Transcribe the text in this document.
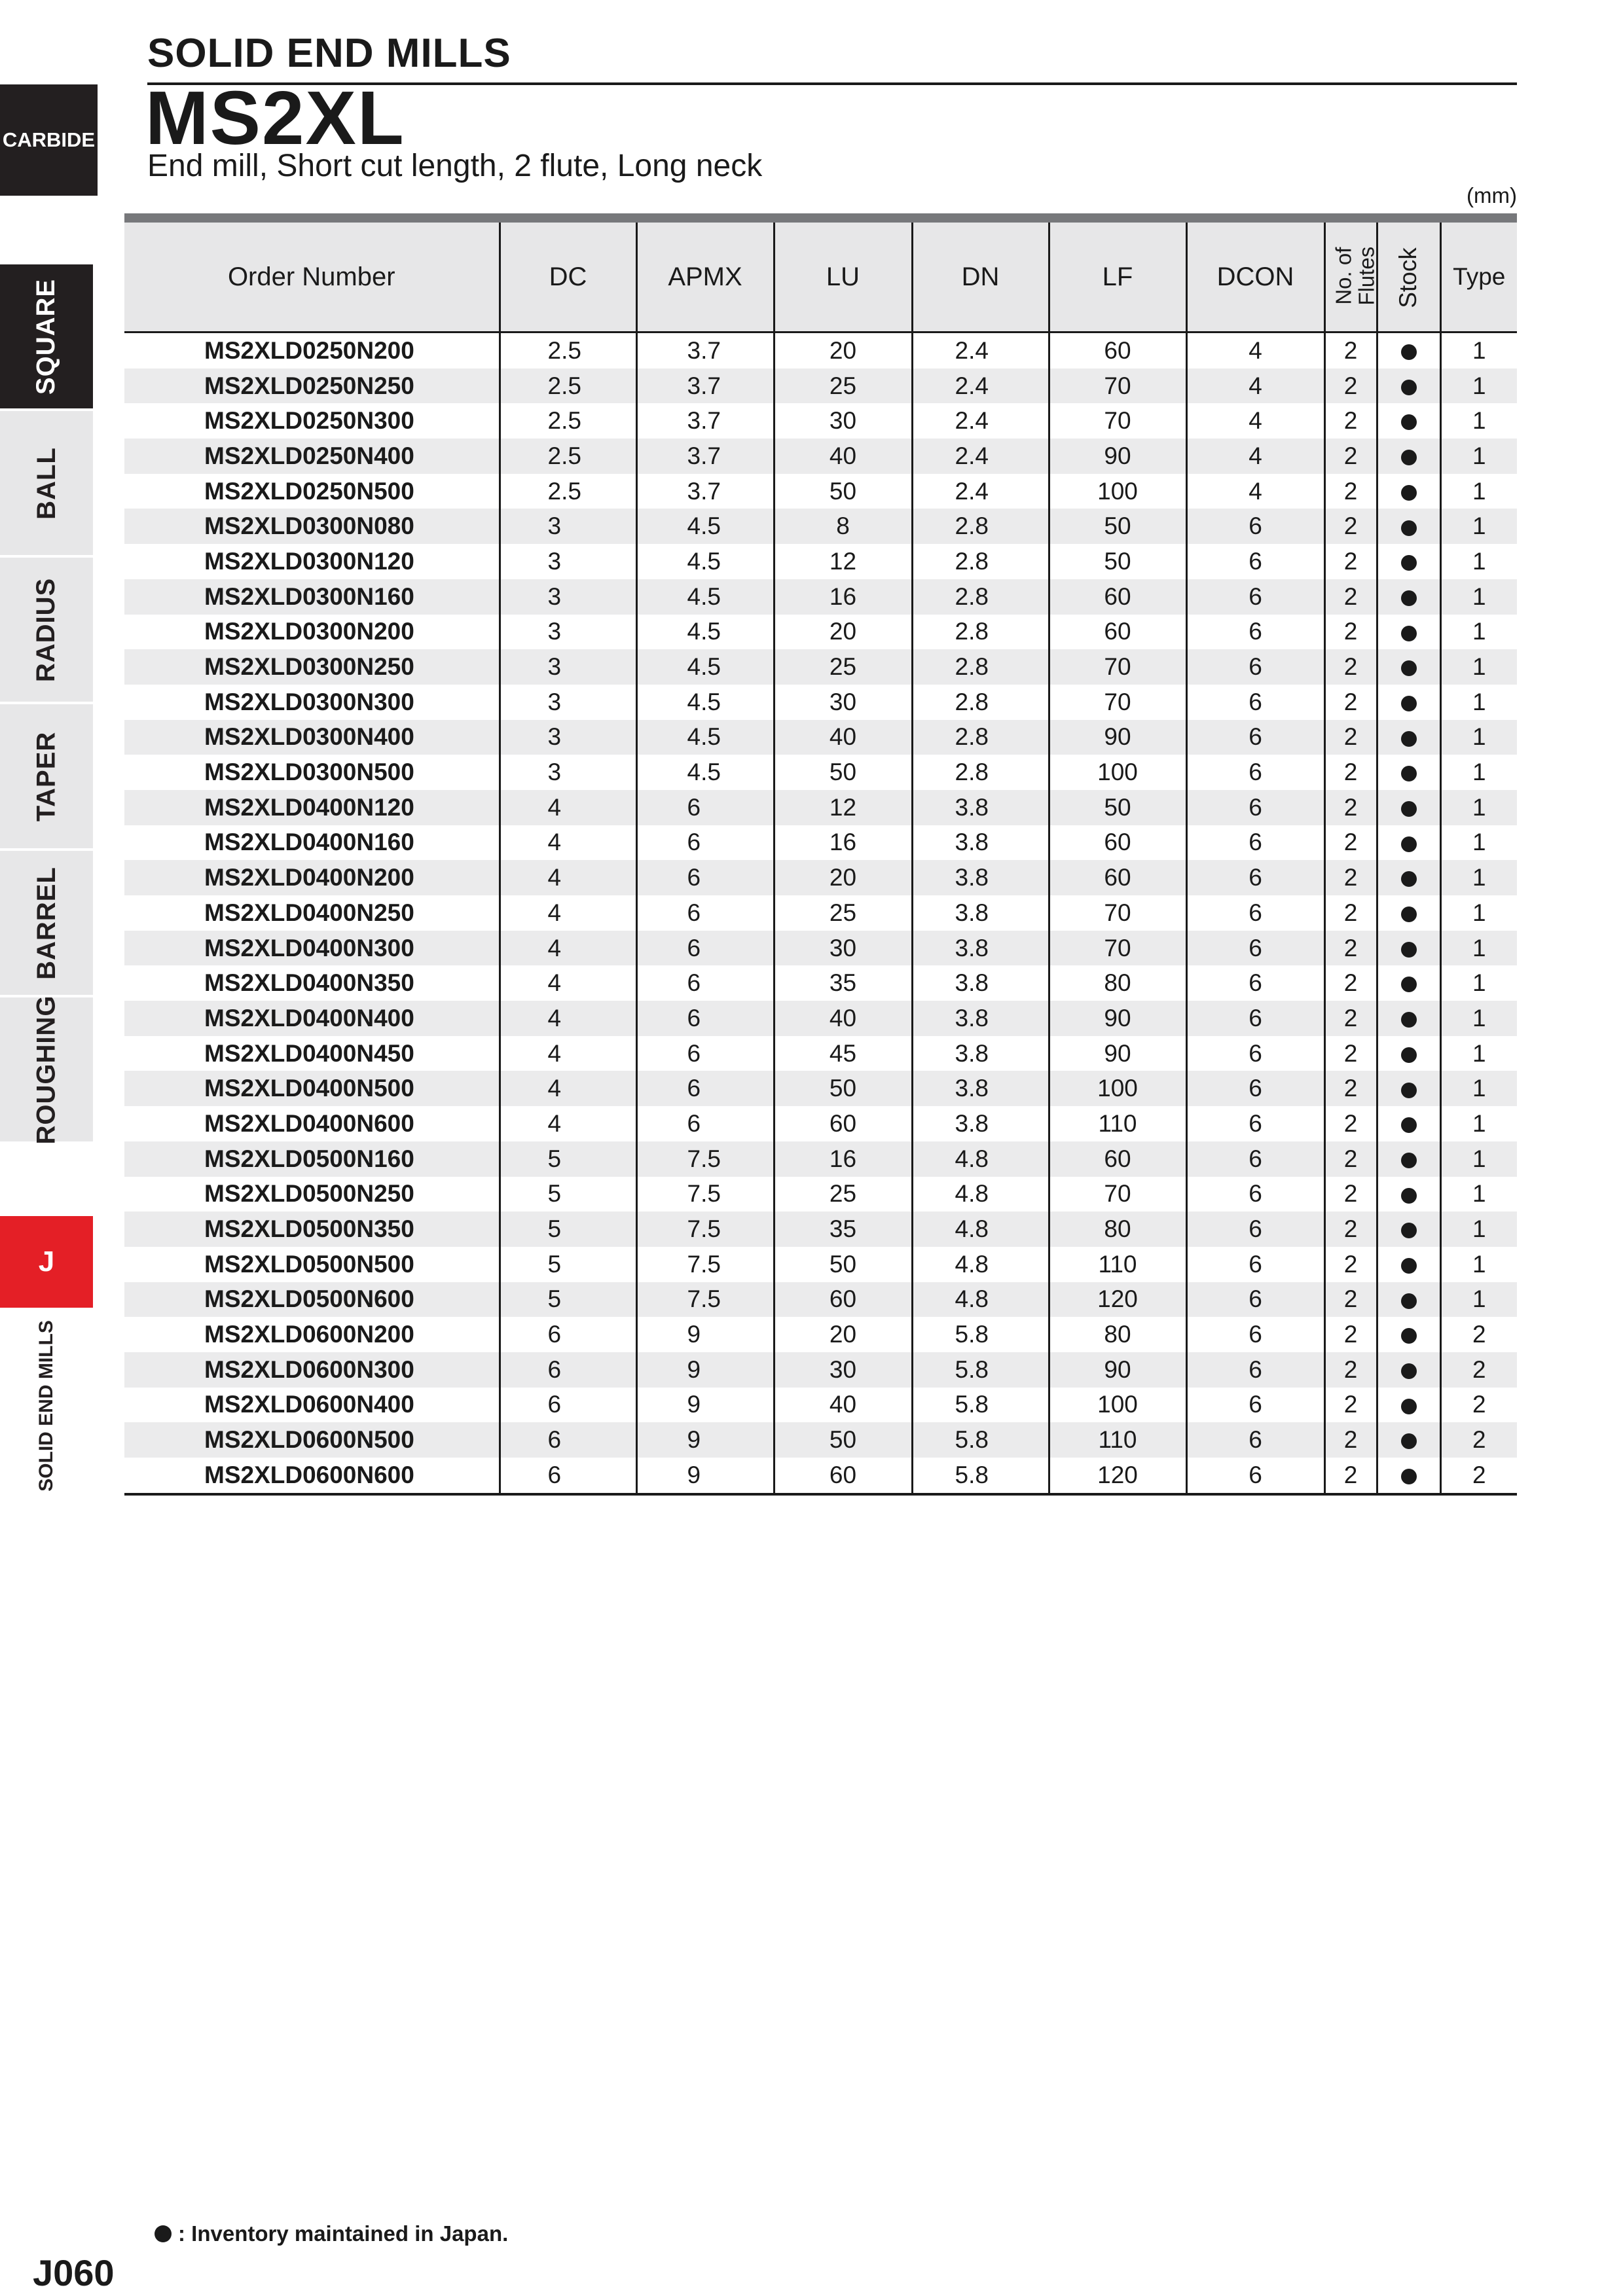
SOLID END MILLS
MS2XL
End mill, Short cut length, 2 flute, Long neck
(mm)
CARBIDE
SQUARE
BALL
RADIUS
TAPER
BARREL
ROUGHING
J
SOLID END MILLS
Order Number	DC	APMX	LU	DN	LF	DCON	No. of
Flutes	Stock	Type
MS2XLD0250N200	2.5	3.7	20	2.4	60	4	2		1
MS2XLD0250N250	2.5	3.7	25	2.4	70	4	2		1
MS2XLD0250N300	2.5	3.7	30	2.4	70	4	2		1
MS2XLD0250N400	2.5	3.7	40	2.4	90	4	2		1
MS2XLD0250N500	2.5	3.7	50	2.4	100	4	2		1
MS2XLD0300N080	3	4.5	8	2.8	50	6	2		1
MS2XLD0300N120	3	4.5	12	2.8	50	6	2		1
MS2XLD0300N160	3	4.5	16	2.8	60	6	2		1
MS2XLD0300N200	3	4.5	20	2.8	60	6	2		1
MS2XLD0300N250	3	4.5	25	2.8	70	6	2		1
MS2XLD0300N300	3	4.5	30	2.8	70	6	2		1
MS2XLD0300N400	3	4.5	40	2.8	90	6	2		1
MS2XLD0300N500	3	4.5	50	2.8	100	6	2		1
MS2XLD0400N120	4	6	12	3.8	50	6	2		1
MS2XLD0400N160	4	6	16	3.8	60	6	2		1
MS2XLD0400N200	4	6	20	3.8	60	6	2		1
MS2XLD0400N250	4	6	25	3.8	70	6	2		1
MS2XLD0400N300	4	6	30	3.8	70	6	2		1
MS2XLD0400N350	4	6	35	3.8	80	6	2		1
MS2XLD0400N400	4	6	40	3.8	90	6	2		1
MS2XLD0400N450	4	6	45	3.8	90	6	2		1
MS2XLD0400N500	4	6	50	3.8	100	6	2		1
MS2XLD0400N600	4	6	60	3.8	110	6	2		1
MS2XLD0500N160	5	7.5	16	4.8	60	6	2		1
MS2XLD0500N250	5	7.5	25	4.8	70	6	2		1
MS2XLD0500N350	5	7.5	35	4.8	80	6	2		1
MS2XLD0500N500	5	7.5	50	4.8	110	6	2		1
MS2XLD0500N600	5	7.5	60	4.8	120	6	2		1
MS2XLD0600N200	6	9	20	5.8	80	6	2		2
MS2XLD0600N300	6	9	30	5.8	90	6	2		2
MS2XLD0600N400	6	9	40	5.8	100	6	2		2
MS2XLD0600N500	6	9	50	5.8	110	6	2		2
MS2XLD0600N600	6	9	60	5.8	120	6	2		2
: Inventory maintained in Japan.
J060
